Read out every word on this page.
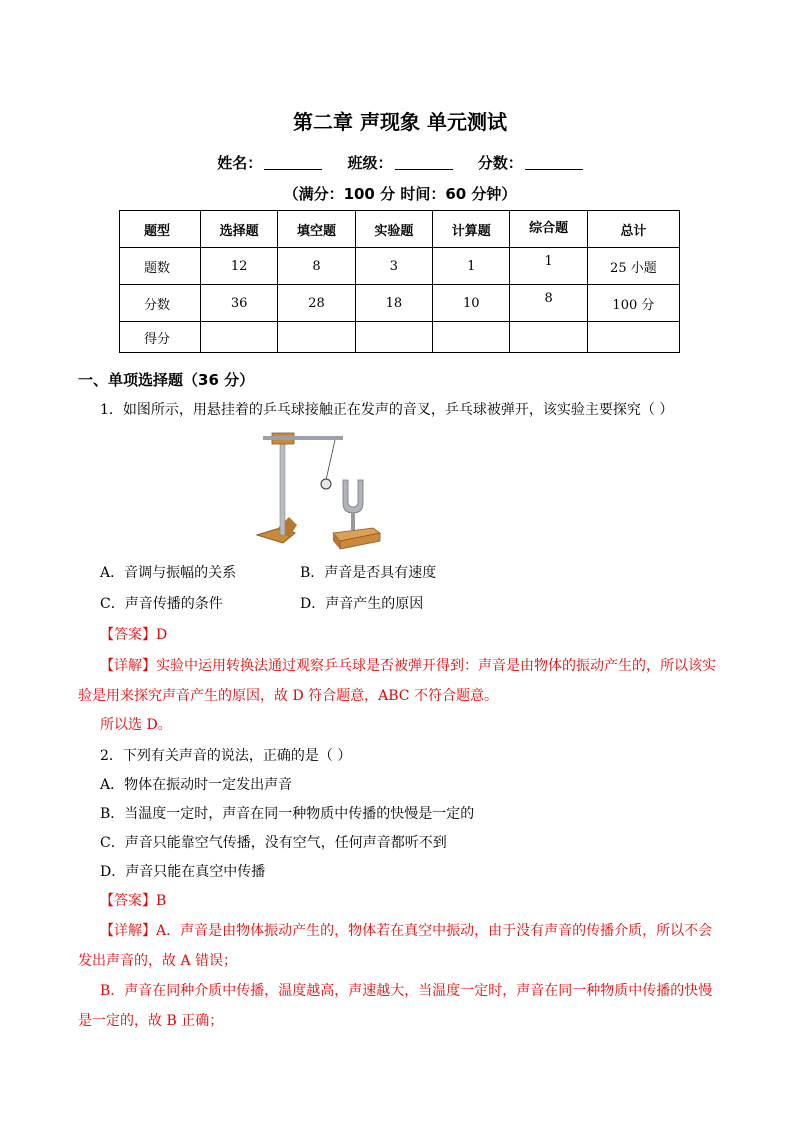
第二章 声现象 单元测试
姓名：	班级：	分数：
（满分：100 分 时间：60 分钟）
题型	选择题	填空题	实验题	计算题	综合题	总计
题数	12	8	3	1	1	25 小题
分数	36	28	18	10	8	100 分
得分						
一、单项选择题（36 分）
1．如图所示，用悬挂着的乒乓球接触正在发声的音叉，乒乓球被弹开，该实验主要探究（ ）
A．音调与振幅的关系	B．声音是否具有速度
C．声音传播的条件	D．声音产生的原因
【答案】D
【详解】实验中运用转换法通过观察乒乓球是否被弹开得到：声音是由物体的振动产生的，所以该实
验是用来探究声音产生的原因，故 D 符合题意，ABC 不符合题意。
所以选 D。
2．下列有关声音的说法，正确的是（ ）
A．物体在振动时一定发出声音
B．当温度一定时，声音在同一种物质中传播的快慢是一定的
C．声音只能靠空气传播，没有空气，任何声音都听不到
D．声音只能在真空中传播
【答案】B
【详解】A．声音是由物体振动产生的，物体若在真空中振动，由于没有声音的传播介质，所以不会
发出声音的，故 A 错误；
B．声音在同种介质中传播，温度越高，声速越大，当温度一定时，声音在同一种物质中传播的快慢
是一定的，故 B 正确；
